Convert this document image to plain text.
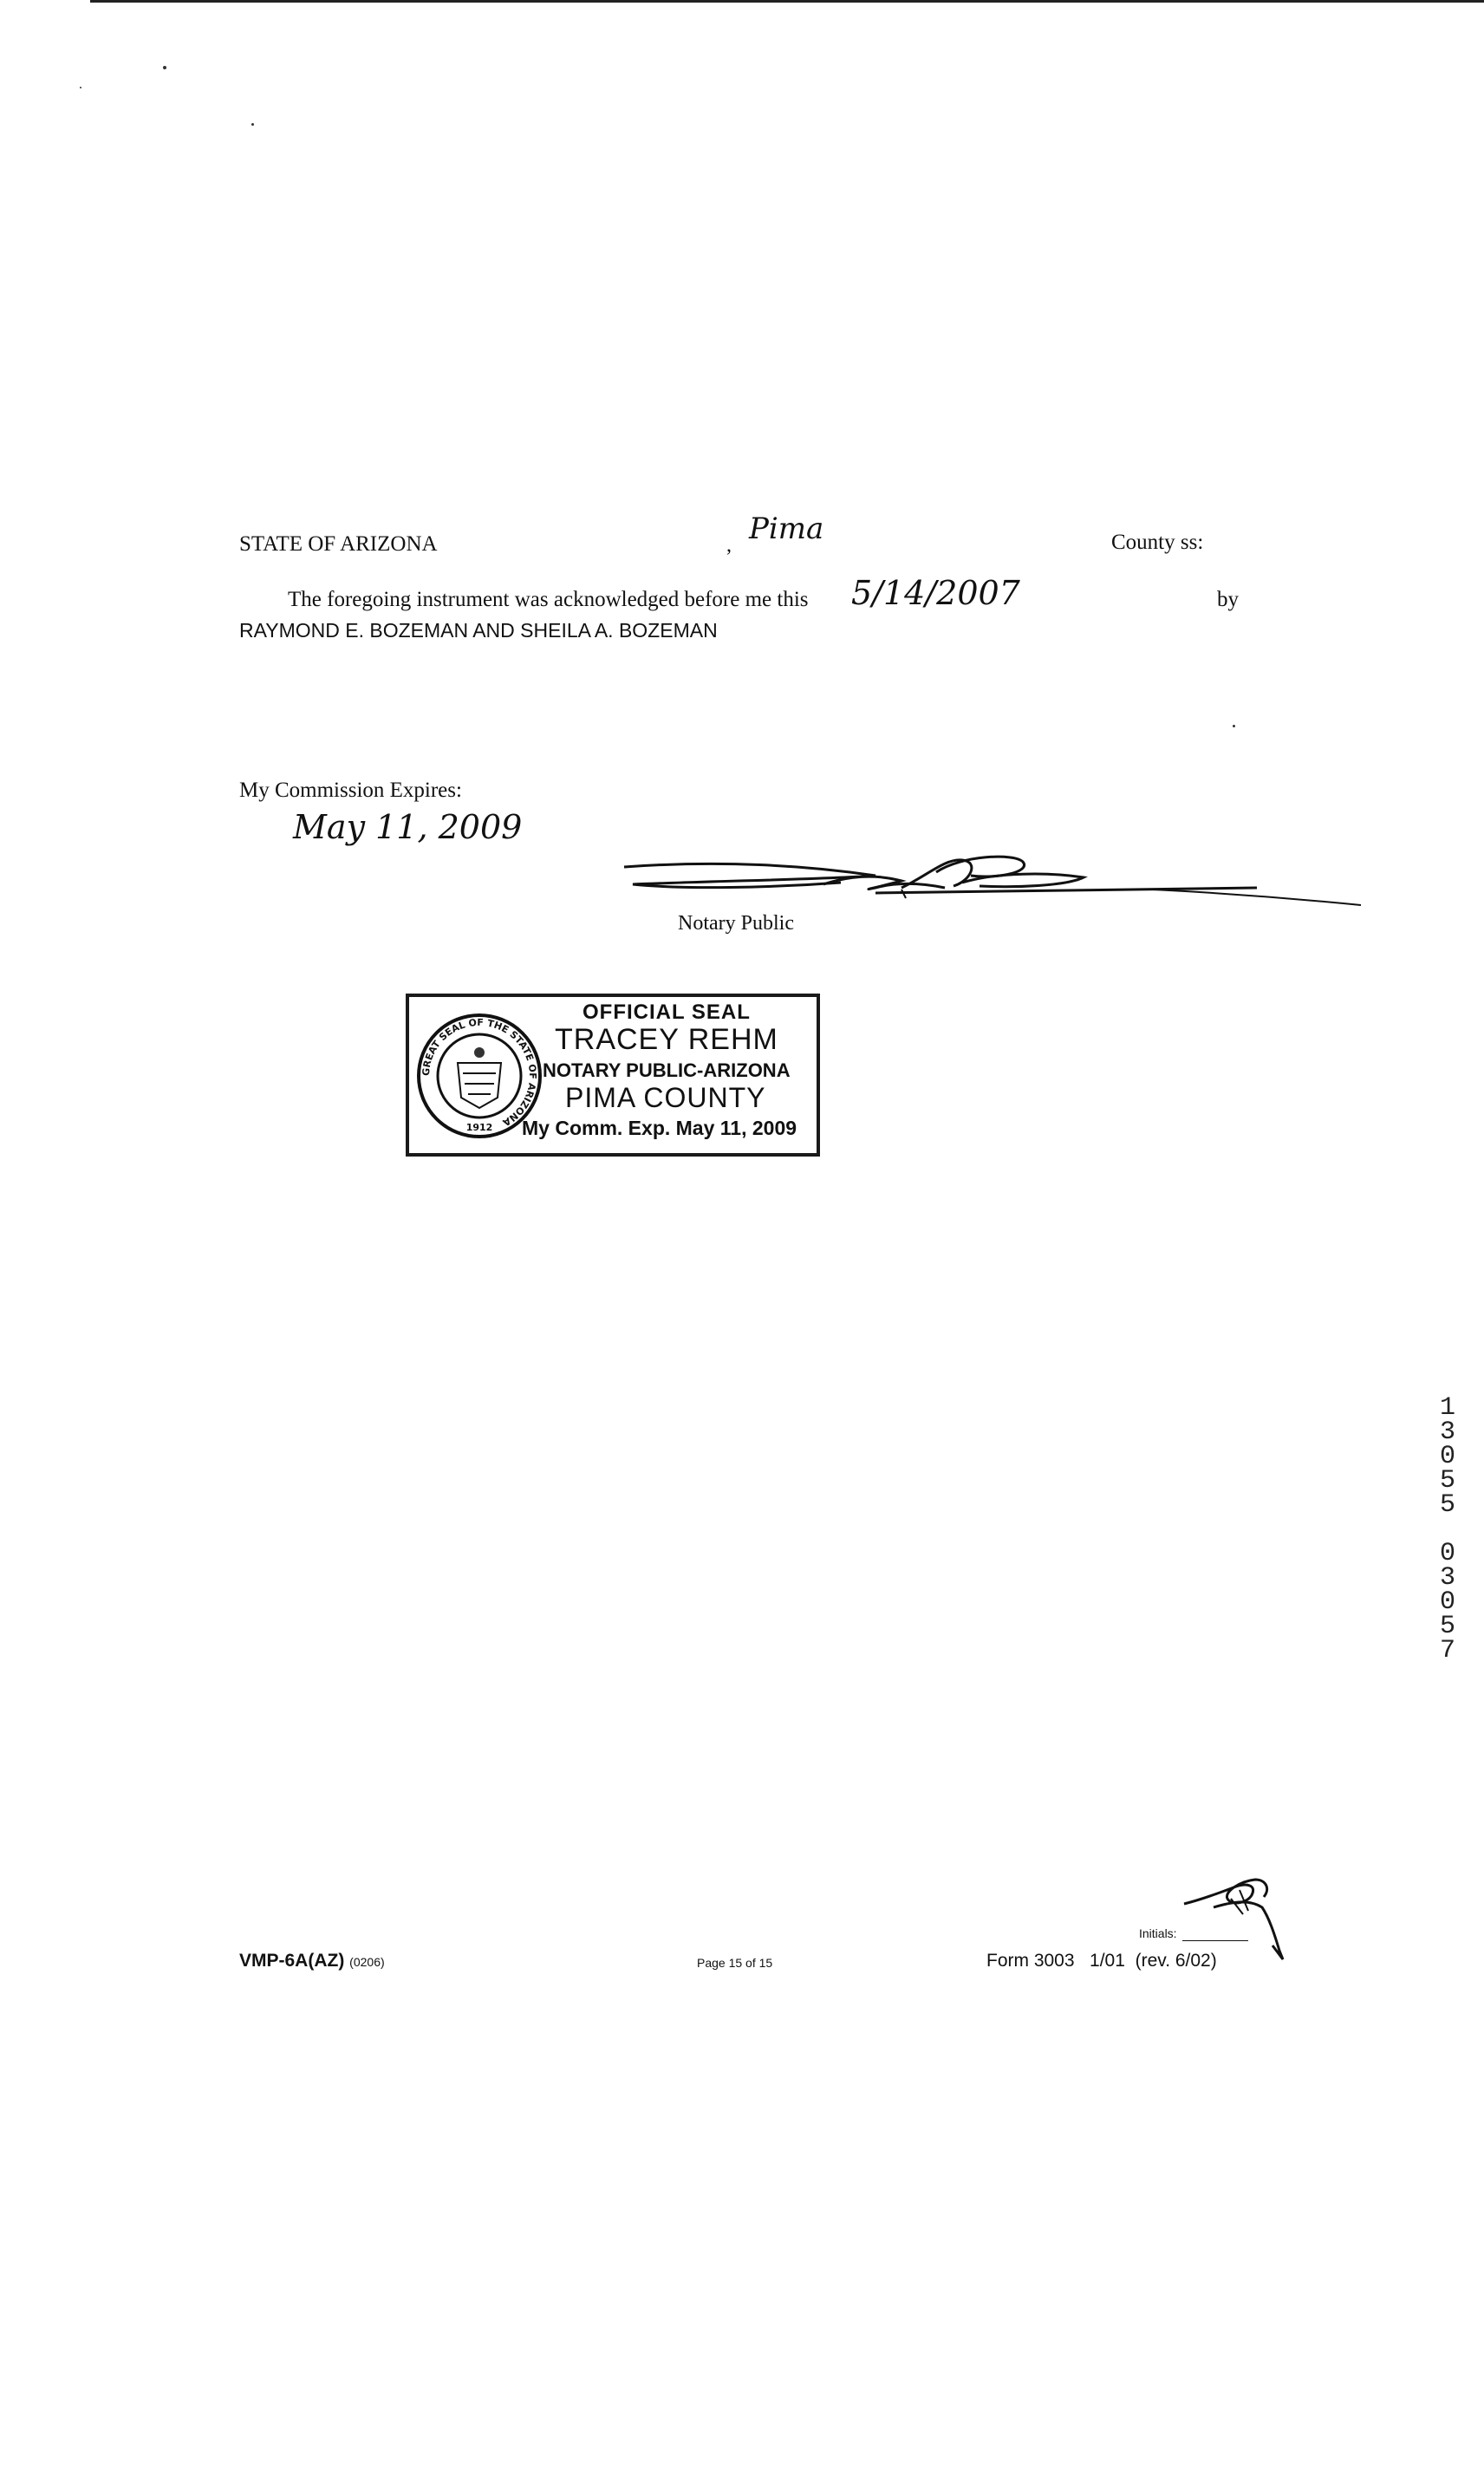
STATE OF ARIZONA	, Pima	County ss:
The foregoing instrument was acknowledged before me this 5/14/2007	by
RAYMOND E. BOZEMAN AND SHEILA A. BOZEMAN
My Commission Expires:
May 11, 2009
Notary Public
GREAT SEAL OF THE STATE OF ARIZONA
1912
OFFICIAL SEAL
TRACEY REHM
NOTARY PUBLIC-ARIZONA
PIMA COUNTY
My Comm. Exp. May 11, 2009
1
3
0
5
5
0
3
0
5
7
Initials:
VMP-6A(AZ) (0206)	Page 15 of 15	Form 3003   1/01  (rev. 6/02)
